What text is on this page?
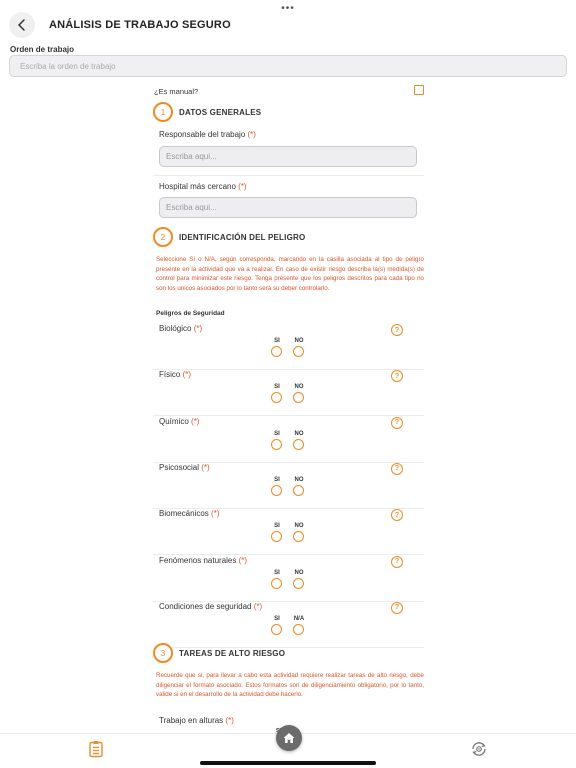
•••
ANÁLISIS DE TRABAJO SEGURO
Orden de trabajo
Escriba la orden de trabajo
¿Es manual?
1	DATOS GENERALES
Responsable del trabajo (*)
Escriba aqui...
Hospital más cercano (*)
Escriba aqui...
2	IDENTIFICACIÓN DEL PELIGRO
Seleccione Sí o N/A, según corresponda, marcando en la casilla asociada al tipo de peligro presente en la actividad que va a realizar. En caso de existir riesgo describa la(s) medida(s) de control para minimizar este riesgo. Tenga presente que los peligros descritos para cada tipo no son los unicos asociados por lo tanto será su deber controlarlo.
Peligros de Seguridad
Biológico (*)	?
SI	NO
Físico (*)	?
SI	NO
Químico (*)	?
SI	NO
Psicosocial (*)	?
SI	NO
Biomecánicos (*)	?
SI	NO
Fenómenos naturales (*)	?
SI	NO
Condiciones de seguridad (*)	?
SI	N/A
3	TAREAS DE ALTO RIESGO
Recuerde que si, para llevar a cabo esta actividad requiere realizar tareas de alto riesgo, debe diligenciar el formato asociado. Estos formatos son de diligenciamiento obligatorio, por lo tanto, valide si en el desarrollo de la actividad debe hacerlo.
Trabajo en alturas (*)
